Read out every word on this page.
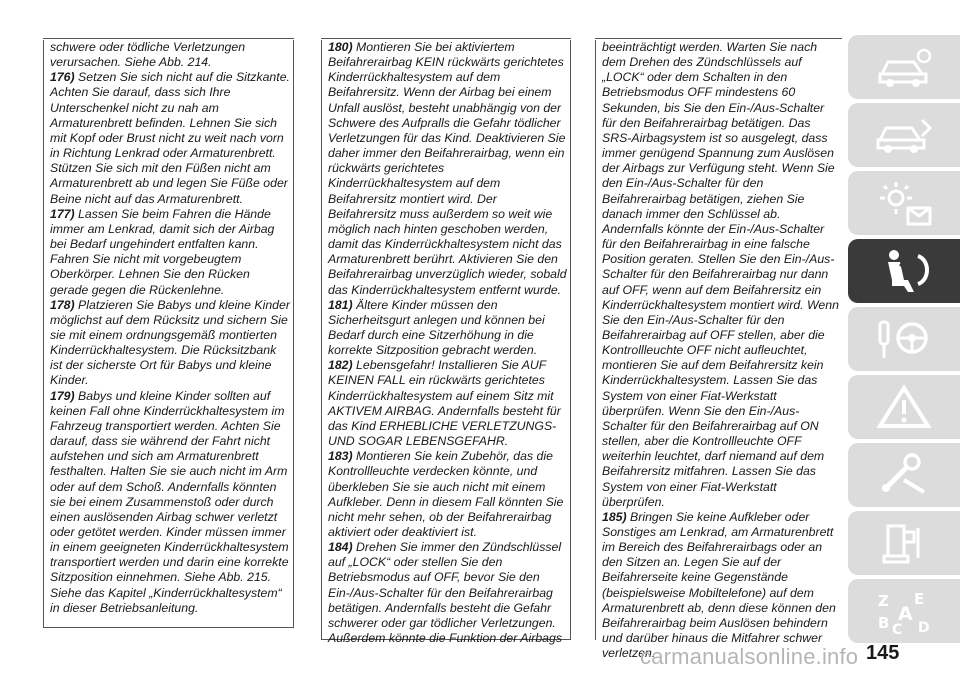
schwere oder tödliche Verletzungen verursachen. Siehe Abb. 214.

176) Setzen Sie sich nicht auf die Sitzkante. Achten Sie darauf, dass sich Ihre Unterschenkel nicht zu nah am Armaturenbrett befinden. Lehnen Sie sich mit Kopf oder Brust nicht zu weit nach vorn in Richtung Lenkrad oder Armaturenbrett. Stützen Sie sich mit den Füßen nicht am Armaturenbrett ab und legen Sie Füße oder Beine nicht auf das Armaturenbrett.

177) Lassen Sie beim Fahren die Hände immer am Lenkrad, damit sich der Airbag bei Bedarf ungehindert entfalten kann. Fahren Sie nicht mit vorgebeugtem Oberkörper. Lehnen Sie den Rücken gerade gegen die Rückenlehne.

178) Platzieren Sie Babys und kleine Kinder möglichst auf dem Rücksitz und sichern Sie sie mit einem ordnungsgemäß montierten Kinderrückhaltesystem. Die Rücksitzbank ist der sicherste Ort für Babys und kleine Kinder.

179) Babys und kleine Kinder sollten auf keinen Fall ohne Kinderrückhaltesystem im Fahrzeug transportiert werden. Achten Sie darauf, dass sie während der Fahrt nicht aufstehen und sich am Armaturenbrett festhalten. Halten Sie sie auch nicht im Arm oder auf dem Schoß. Andernfalls könnten sie bei einem Zusammenstoß oder durch einen auslösenden Airbag schwer verletzt oder getötet werden. Kinder müssen immer in einem geeigneten Kinderrückhaltesystem transportiert werden und darin eine korrekte Sitzposition einnehmen. Siehe Abb. 215. Siehe das Kapitel „Kinderrückhaltesystem“ in dieser Betriebsanleitung.

180) Montieren Sie bei aktiviertem Beifahrerairbag KEIN rückwärts gerichtetes Kinderrückhaltesystem auf dem Beifahrersitz. Wenn der Airbag bei einem Unfall auslöst, besteht unabhängig von der Schwere des Aufpralls die Gefahr tödlicher Verletzungen für das Kind. Deaktivieren Sie daher immer den Beifahrerairbag, wenn ein rückwärts gerichtetes Kinderrückhaltesystem auf dem Beifahrersitz montiert wird. Der Beifahrersitz muss außerdem so weit wie möglich nach hinten geschoben werden, damit das Kinderrückhaltesystem nicht das Armaturenbrett berührt. Aktivieren Sie den Beifahrerairbag unverzüglich wieder, sobald das Kinderrückhaltesystem entfernt wurde.

181) Ältere Kinder müssen den Sicherheitsgurt anlegen und können bei Bedarf durch eine Sitzerhöhung in die korrekte Sitzposition gebracht werden.

182) Lebensgefahr! Installieren Sie AUF KEINEN FALL ein rückwärts gerichtetes Kinderrückhaltesystem auf einem Sitz mit AKTIVEM AIRBAG. Andernfalls besteht für das Kind ERHEBLICHE VERLETZUNGS- UND SOGAR LEBENSGEFAHR.

183) Montieren Sie kein Zubehör, das die Kontrollleuchte verdecken könnte, und überkleben Sie sie auch nicht mit einem Aufkleber. Denn in diesem Fall könnten Sie nicht mehr sehen, ob der Beifahrerairbag aktiviert oder deaktiviert ist.

184) Drehen Sie immer den Zündschlüssel auf „LOCK“ oder stellen Sie den Betriebsmodus auf OFF, bevor Sie den Ein-/Aus-Schalter für den Beifahrerairbag betätigen. Andernfalls besteht die Gefahr schwerer oder gar tödlicher Verletzungen. Außerdem könnte die Funktion der Airbags

beeinträchtigt werden. Warten Sie nach dem Drehen des Zündschlüssels auf „LOCK“ oder dem Schalten in den Betriebsmodus OFF mindestens 60 Sekunden, bis Sie den Ein-/Aus-Schalter für den Beifahrerairbag betätigen. Das SRS-Airbagsystem ist so ausgelegt, dass immer genügend Spannung zum Auslösen der Airbags zur Verfügung steht. Wenn Sie den Ein-/Aus-Schalter für den Beifahrerairbag betätigen, ziehen Sie danach immer den Schlüssel ab. Andernfalls könnte der Ein-/Aus-Schalter für den Beifahrerairbag in eine falsche Position geraten. Stellen Sie den Ein-/Aus-Schalter für den Beifahrerairbag nur dann auf OFF, wenn auf dem Beifahrersitz ein Kinderrückhaltesystem montiert wird. Wenn Sie den Ein-/Aus-Schalter für den Beifahrerairbag auf OFF stellen, aber die Kontrollleuchte OFF nicht aufleuchtet, montieren Sie auf dem Beifahrersitz kein Kinderrückhaltesystem. Lassen Sie das System von einer Fiat-Werkstatt überprüfen. Wenn Sie den Ein-/Aus-Schalter für den Beifahrerairbag auf ON stellen, aber die Kontrollleuchte OFF weiterhin leuchtet, darf niemand auf dem Beifahrersitz mitfahren. Lassen Sie das System von einer Fiat-Werkstatt überprüfen.

185) Bringen Sie keine Aufkleber oder Sonstiges am Lenkrad, am Armaturenbrett im Bereich des Beifahrerairbags oder an den Sitzen an. Legen Sie auf der Beifahrerseite keine Gegenstände (beispielsweise Mobiltelefone) auf dem Armaturenbrett ab, denn diese können den Beifahrerairbag beim Auslösen behindern und darüber hinaus die Mitfahrer schwer verletzen.

Z E
A
B C D
carmanualsonline.info 145
